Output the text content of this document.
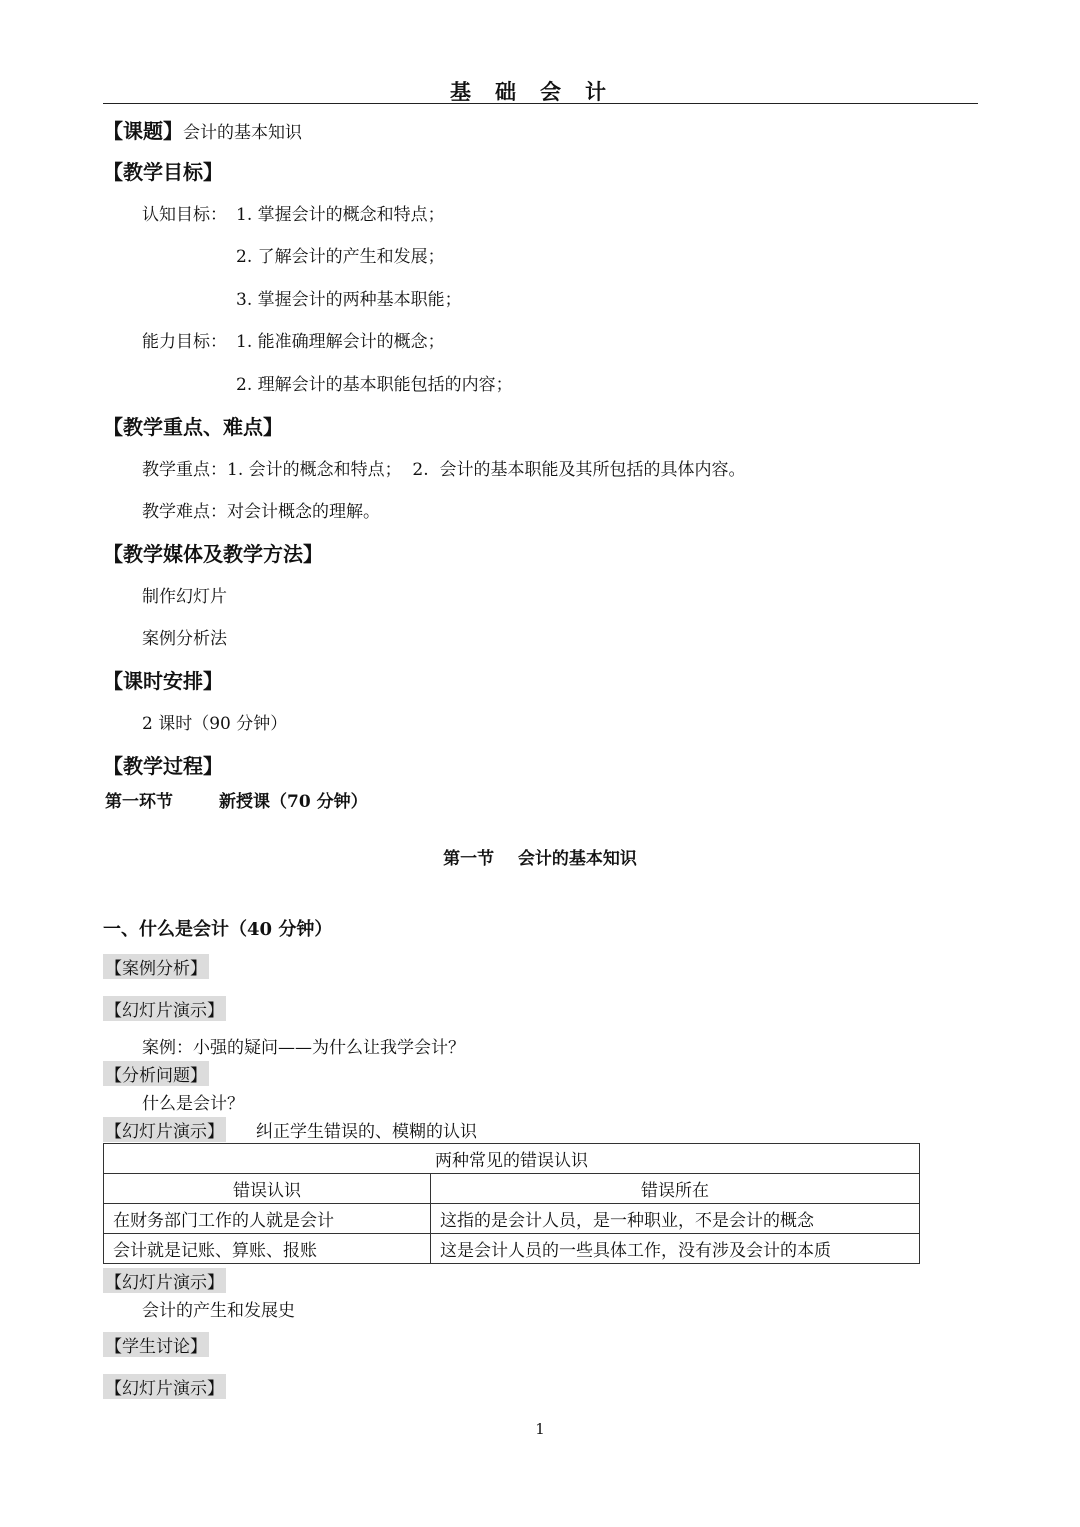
基础会计
【课题】会计的基本知识
【教学目标】
认知目标： 1. 掌握会计的概念和特点；
2. 了解会计的产生和发展；
3. 掌握会计的两种基本职能；
能力目标： 1. 能准确理解会计的概念；
2. 理解会计的基本职能包括的内容；
【教学重点、难点】
教学重点：1. 会计的概念和特点；  2.  会计的基本职能及其所包括的具体内容。
教学难点：对会计概念的理解。
【教学媒体及教学方法】
制作幻灯片
案例分析法
【课时安排】
2 课时（90 分钟）
【教学过程】
第一环节	新授课（70 分钟）
第一节    会计的基本知识
一、什么是会计（40 分钟）
【案例分析】
【幻灯片演示】
案例：小强的疑问——为什么让我学会计？
【分析问题】
什么是会计？
【幻灯片演示】 纠正学生错误的、模糊的认识
两种常见的错误认识	
错误认识	错误所在
在财务部门工作的人就是会计	这指的是会计人员，是一种职业，不是会计的概念
会计就是记账、算账、报账	这是会计人员的一些具体工作，没有涉及会计的本质
【幻灯片演示】
会计的产生和发展史
【学生讨论】
【幻灯片演示】
1
